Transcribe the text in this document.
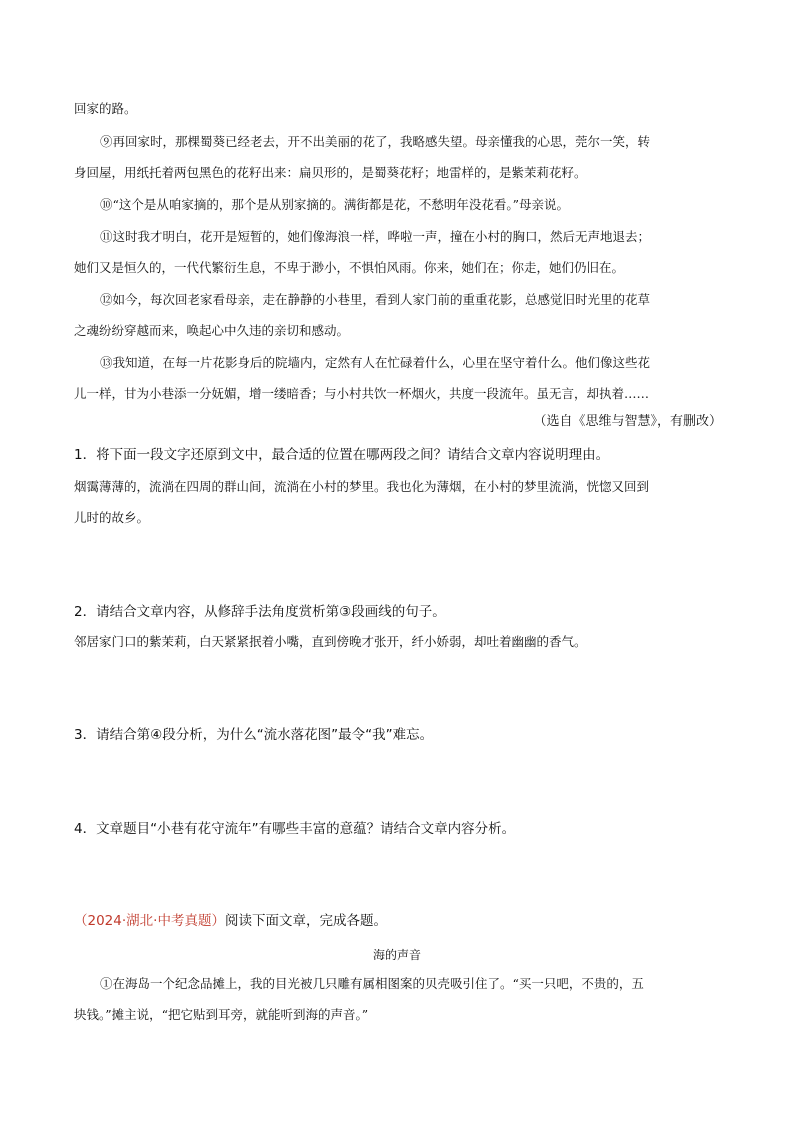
回家的路。
⑨再回家时，那棵蜀葵已经老去，开不出美丽的花了，我略感失望。母亲懂我的心思，莞尔一笑，转
身回屋，用纸托着两包黑色的花籽出来：扁贝形的，是蜀葵花籽；地雷样的，是紫茉莉花籽。
⑩“这个是从咱家摘的，那个是从别家摘的。满街都是花，不愁明年没花看。”母亲说。
⑪这时我才明白，花开是短暂的，她们像海浪一样，哗啦一声，撞在小村的胸口，然后无声地退去；
她们又是恒久的，一代代繁衍生息，不卑于渺小，不惧怕风雨。你来，她们在；你走，她们仍旧在。
⑫如今，每次回老家看母亲，走在静静的小巷里，看到人家门前的重重花影，总感觉旧时光里的花草
之魂纷纷穿越而来，唤起心中久违的亲切和感动。
⑬我知道，在每一片花影身后的院墙内，定然有人在忙碌着什么，心里在坚守着什么。他们像这些花
儿一样，甘为小巷添一分妩媚，增一缕暗香；与小村共饮一杯烟火，共度一段流年。虽无言，却执着……
（选自《思维与智慧》，有删改）
1．将下面一段文字还原到文中，最合适的位置在哪两段之间？请结合文章内容说明理由。
烟霭薄薄的，流淌在四周的群山间，流淌在小村的梦里。我也化为薄烟，在小村的梦里流淌，恍惚又回到
儿时的故乡。
2．请结合文章内容，从修辞手法角度赏析第③段画线的句子。
邻居家门口的紫茉莉，白天紧紧抿着小嘴，直到傍晚才张开，纤小娇弱，却吐着幽幽的香气。
3．请结合第④段分析，为什么“流水落花图”最令“我”难忘。
4．文章题目“小巷有花守流年”有哪些丰富的意蕴？请结合文章内容分析。
（2024·湖北·中考真题）阅读下面文章，完成各题。
海的声音
①在海岛一个纪念品摊上，我的目光被几只雕有属相图案的贝壳吸引住了。“买一只吧，不贵的，五
块钱。”摊主说，“把它贴到耳旁，就能听到海的声音。”
